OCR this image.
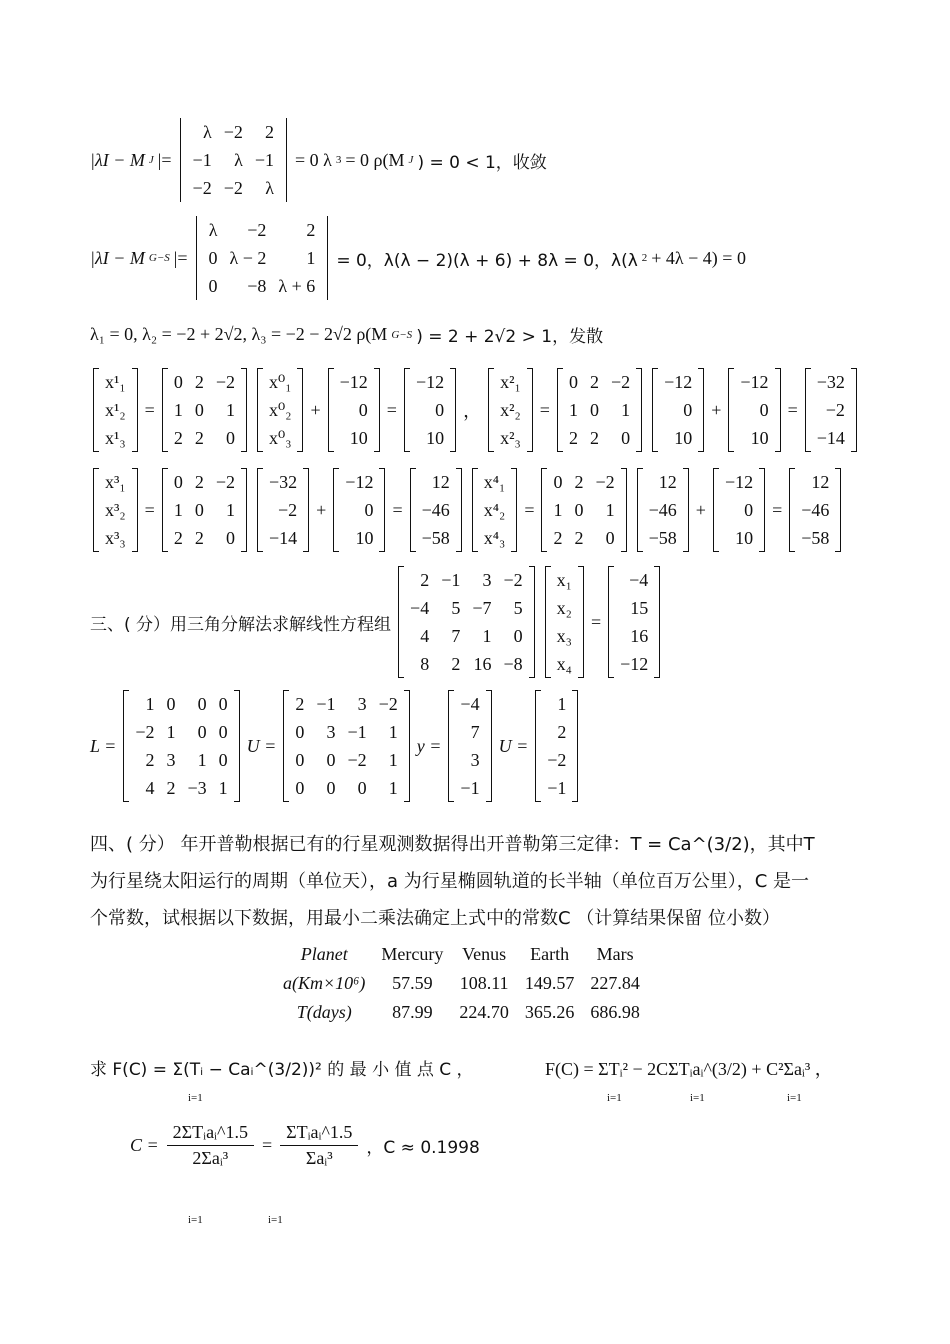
|λI − M J |=
λ	−2	2
−1	λ	−1
−2	−2	λ
= 0 λ 3 = 0 ρ(M J ) = 0 < 1，收敛
|λI − M G−S |=
λ	−2	2
0	λ − 2	1
0	−8	λ + 6
= 0，λ(λ − 2)(λ + 6) + 8λ = 0，λ(λ 2 + 4λ − 4) = 0
λ₁ = 0, λ₂ = −2 + 2√2, λ₃ = −2 − 2√2 ρ(M G−S ) = 2 + 2√2 > 1，发散
x¹₁
x¹₂
x¹₃
=
0	2	−2
1	0	1
2	2	0
x⁰₁
x⁰₂
x⁰₃
+
−12
0
10
=
−12
0
10
，
x²₁
x²₂
x²₃
=
0	2	−2
1	0	1
2	2	0
−12
0
10
+
−12
0
10
=
−32
−2
−14
x³₁
x³₂
x³₃
=
0	2	−2
1	0	1
2	2	0
−32
−2
−14
+
−12
0
10
=
12
−46
−58
x⁴₁
x⁴₂
x⁴₃
=
0	2	−2
1	0	1
2	2	0
12
−46
−58
+
−12
0
10
=
12
−46
−58
三、( 分）用三角分解法求解线性方程组
2	−1	3	−2
−4	5	−7	5
4	7	1	0
8	2	16	−8
x₁
x₂
x₃
x₄
=
−4
15
16
−12
L =
1	0	0	0
−2	1	0	0
2	3	1	0
4	2	−3	1
U =
2	−1	3	−2
0	3	−1	1
0	0	−2	1
0	0	0	1
y =
−4
7
3
−1
U =
1
2
−2
−1
四、( 分） 年开普勒根据已有的行星观测数据得出开普勒第三定律：T = Ca^(3/2)，其中T
为行星绕太阳运行的周期（单位天），a 为行星椭圆轨道的长半轴（单位百万公里），C 是一
个常数，试根据以下数据，用最小二乘法确定上式中的常数C （计算结果保留 位小数）
Planet	Mercury	Venus	Earth	Mars
a(Km×10⁶)	57.59	108.11	149.57	227.84
T(days)	87.99	224.70	365.26	686.98
求 F(C) = Σ(Tᵢ − Caᵢ^(3/2))² 的 最 小 值 点 C ，	F(C) = ΣTᵢ² − 2CΣTᵢaᵢ^(3/2) + C²Σaᵢ³ ，
i=1	i=1	i=1	i=1
$C = \frac{\text{2ΣTᵢaᵢ\textasciicircum{}1.5}}{\text{2Σaᵢ³}} = \frac{\text{ΣTᵢaᵢ\textasciicircum{}1.5}}{\text{Σaᵢ³}}$ ，C ≈ 0.1998
i=1	i=1
